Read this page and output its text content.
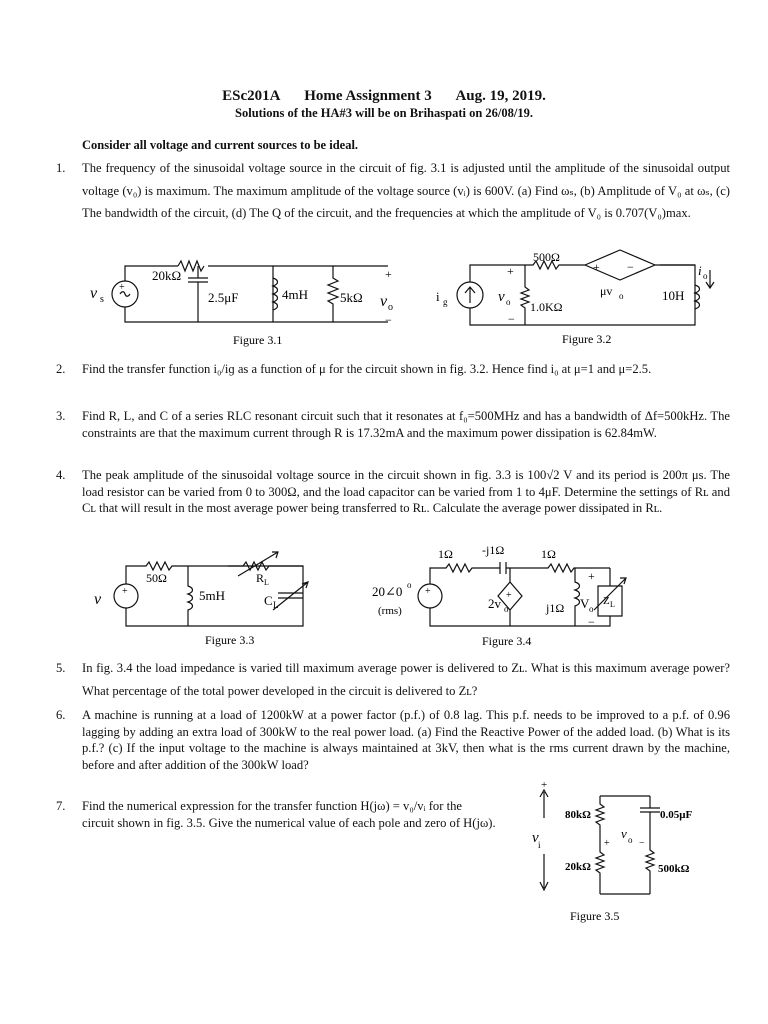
ESc201A Home Assignment 3 Aug. 19, 2019.
Solutions of the HA#3 will be on Brihaspati on 26/08/19.
Consider all voltage and current sources to be ideal.
1.	The frequency of the sinusoidal voltage source in the circuit of fig. 3.1 is adjusted until the amplitude of the sinusoidal output voltage (v₀) is maximum. The maximum amplitude of the voltage source (vᵢ) is 600V. (a) Find ωₛ, (b) Amplitude of V₀ at ωₛ, (c) The bandwidth of the circuit, (d) The Q of the circuit, and the frequencies at which the amplitude of V₀ is 0.707(V₀)max.
+
v s
20kΩ
2.5μF	4mH 5kΩ
+
v o
−
Figure 3.1
i g
+
v o
−
1.0KΩ
500Ω
+ −
μv o	10H
i o
Figure 3.2
2.	Find the transfer function i₀/iɡ as a function of μ for the circuit shown in fig. 3.2. Hence find i₀ at μ=1 and μ=2.5.
3.	Find R, L, and C of a series RLC resonant circuit such that it resonates at f₀=500MHz and has a bandwidth of Δf=500kHz. The constraints are that the maximum current through R is 17.32mA and the maximum power dissipation is 62.84mW.
4.	The peak amplitude of the sinusoidal voltage source in the circuit shown in fig. 3.3 is 100√2 V and its period is 200π μs. The load resistor can be varied from 0 to 300Ω, and the load capacitor can be varied from 1 to 4μF. Determine the settings of Rʟ and Cʟ that will result in the most average power being transferred to Rʟ. Calculate the average power dissipated in Rʟ.
+
v
50Ω
5mH
R L
C L
Figure 3.3
+
20∠0 o
(rms)
1Ω -j1Ω	1Ω
+
2v o	j1Ω
+
V o
−
Z L
Figure 3.4
5.	In fig. 3.4 the load impedance is varied till maximum average power is delivered to Zʟ. What is this maximum average power? What percentage of the total power developed in the circuit is delivered to Zʟ?
6.	A machine is running at a load of 1200kW at a power factor (p.f.) of 0.8 lag. This p.f. needs to be improved to a p.f. of 0.96 lagging by adding an extra load of 300kW to the real power load. (a) Find the Reactive Power of the added load. (b) What is its p.f.? (c) If the input voltage to the machine is always maintained at 3kV, then what is the rms current drawn by the machine, before and after addition of the 300kW load?
7.	Find the numerical expression for the transfer function H(jω) = v₀/vᵢ for the circuit shown in fig. 3.5. Give the numerical value of each pole and zero of H(jω).
+
v i
80kΩ
20kΩ
0.05μF
500kΩ
+
v o −
Figure 3.5
